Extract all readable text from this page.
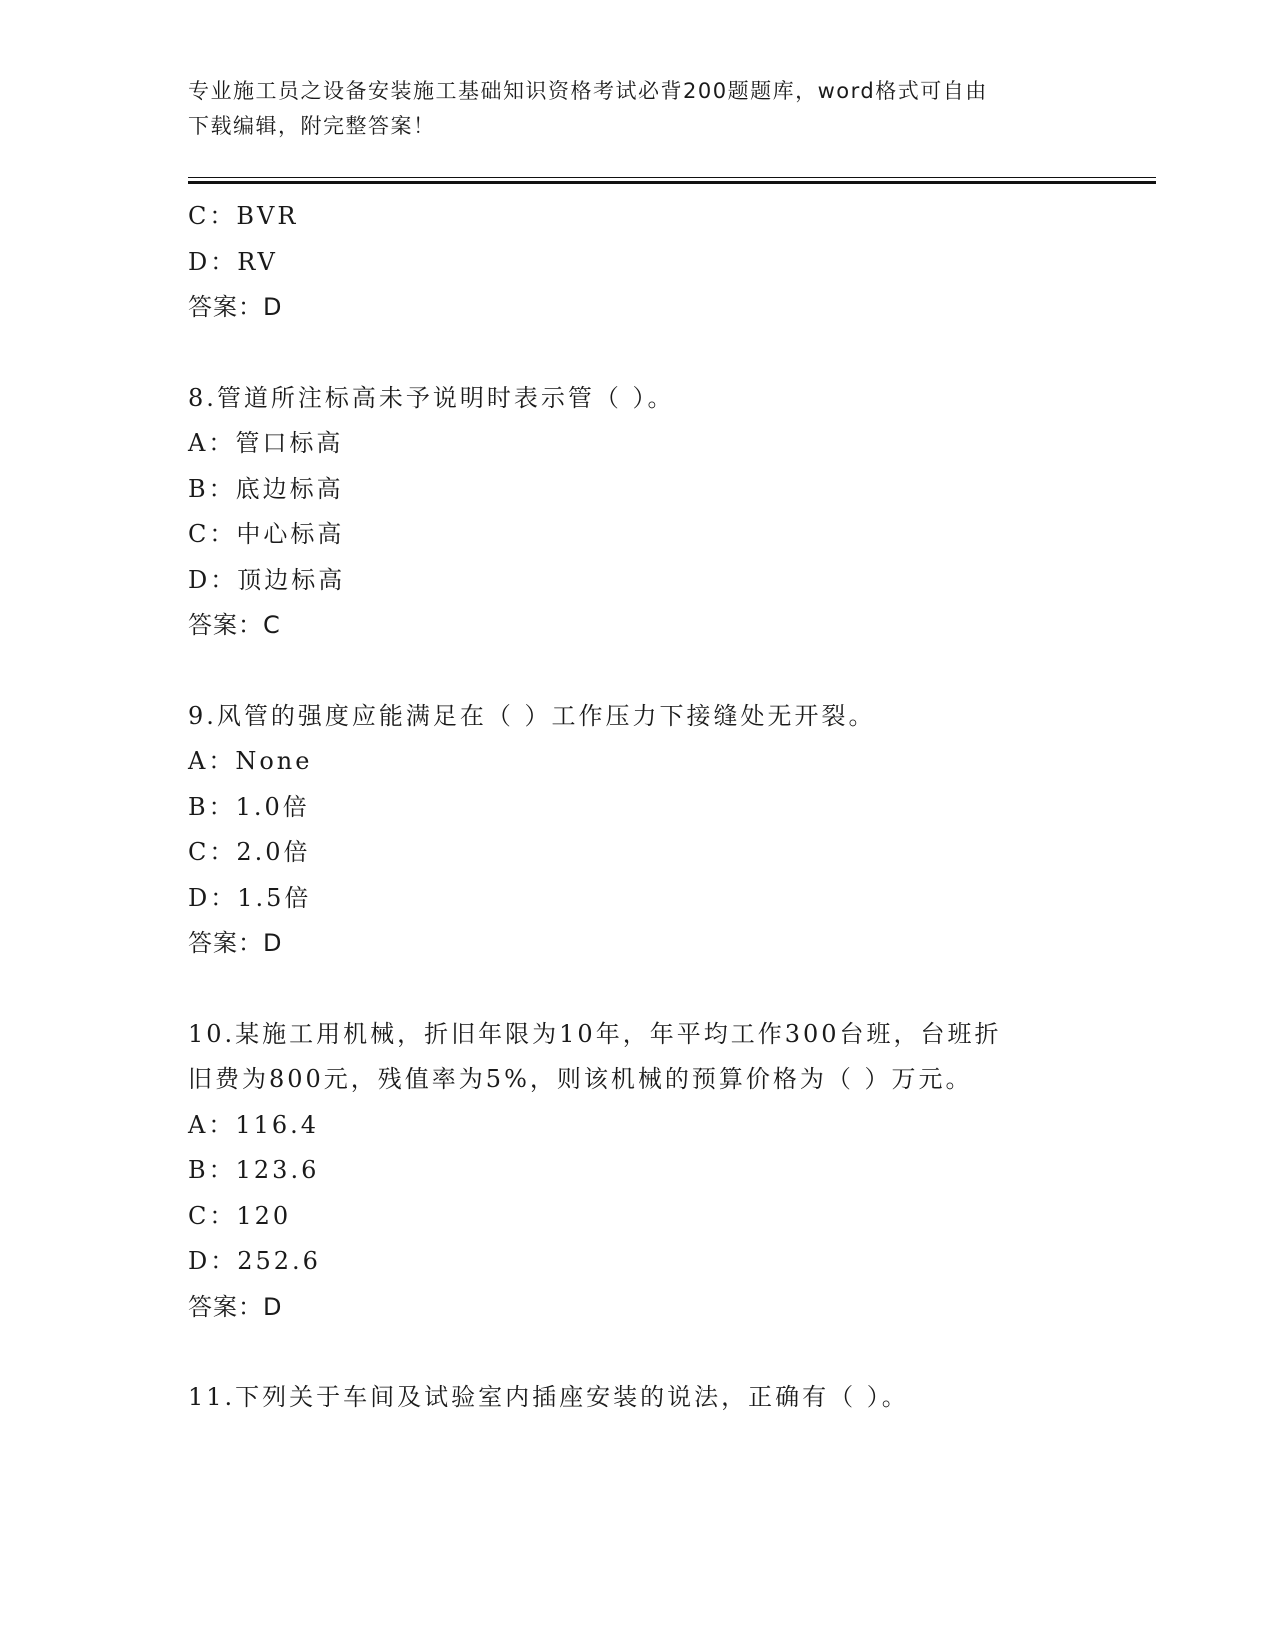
专业施工员之设备安装施工基础知识资格考试必背200题题库，word格式可自由
下载编辑，附完整答案！
C：BVR
D：RV
答案：D
8.管道所注标高未予说明时表示管（ ）。
A：管口标高
B：底边标高
C：中心标高
D：顶边标高
答案：C
9.风管的强度应能满足在（ ）工作压力下接缝处无开裂。
A：None
B：1.0倍
C：2.0倍
D：1.5倍
答案：D
10.某施工用机械，折旧年限为10年，年平均工作300台班，台班折
旧费为800元，残值率为5%，则该机械的预算价格为（ ）万元。
A：116.4
B：123.6
C：120
D：252.6
答案：D
11.下列关于车间及试验室内插座安装的说法，正确有（ ）。
